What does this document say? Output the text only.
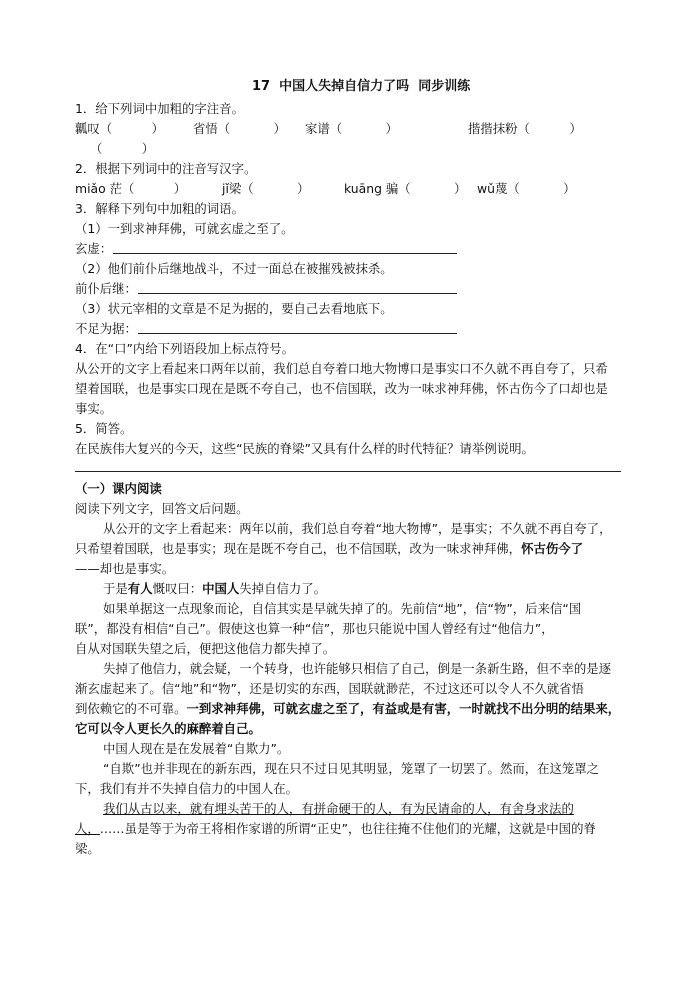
17  中国人失掉自信力了吗  同步训练
1．给下列词中加粗的字注音。
瓤叹（          ） 省悟（           ） 家谱（           ）	揩揩抹粉（          ）
（          ）
2．根据下列词中的注音写汉字。
miǎo 茫（          ）	jǐ梁（           ）	kuāng 骗（           ） wǔ蔑（           ）
3．解释下列句中加粗的词语。
（1）一到求神拜佛，可就玄虚之至了。
玄虚：
（2）他们前仆后继地战斗，不过一面总在被摧残被抹杀。
前仆后继：
（3）状元宰相的文章是不足为据的，要自己去看地底下。
不足为据：
4．在“口”内给下列语段加上标点符号。
从公开的文字上看起来口两年以前，我们总自夸着口地大物博口是事实口不久就不再自夸了，只希
望着国联，也是事实口现在是既不夸自己，也不信国联，改为一味求神拜佛，怀古伤今了口却也是
事实。
5．简答。
在民族伟大复兴的今天，这些“民族的脊梁”又具有什么样的时代特征？请举例说明。
（一）课内阅读
阅读下列文字，回答文后问题。
从公开的文字上看起来：两年以前，我们总自夸着“地大物博”，是事实；不久就不再自夸了，
只希望着国联，也是事实；现在是既不夸自己，也不信国联，改为一味求神拜佛，怀古伤今了
——却也是事实。
于是有人慨叹曰：中国人失掉自信力了。
如果单据这一点现象而论，自信其实是早就失掉了的。先前信“地”，信“物”，后来信“国
联”，都没有相信“自己”。假使这也算一种“信”，那也只能说中国人曾经有过“他信力”，
自从对国联失望之后，便把这他信力都失掉了。
失掉了他信力，就会疑，一个转身，也许能够只相信了自己，倒是一条新生路，但不幸的是逐
渐玄虚起来了。信“地”和“物”，还是切实的东西，国联就渺茫，不过这还可以令人不久就省悟
到依赖它的不可靠。一到求神拜佛，可就玄虚之至了，有益或是有害，一时就找不出分明的结果来，
它可以令人更长久的麻醉着自己。
中国人现在是在发展着“自欺力”。
“自欺”也并非现在的新东西，现在只不过日见其明显，笼罩了一切罢了。然而，在这笼罩之
下，我们有并不失掉自信力的中国人在。
我们从古以来，就有埋头苦干的人，有拼命硬干的人，有为民请命的人，有舍身求法的
人，……虽是等于为帝王将相作家谱的所谓“正史”，也往往掩不住他们的光耀，这就是中国的脊
梁。
